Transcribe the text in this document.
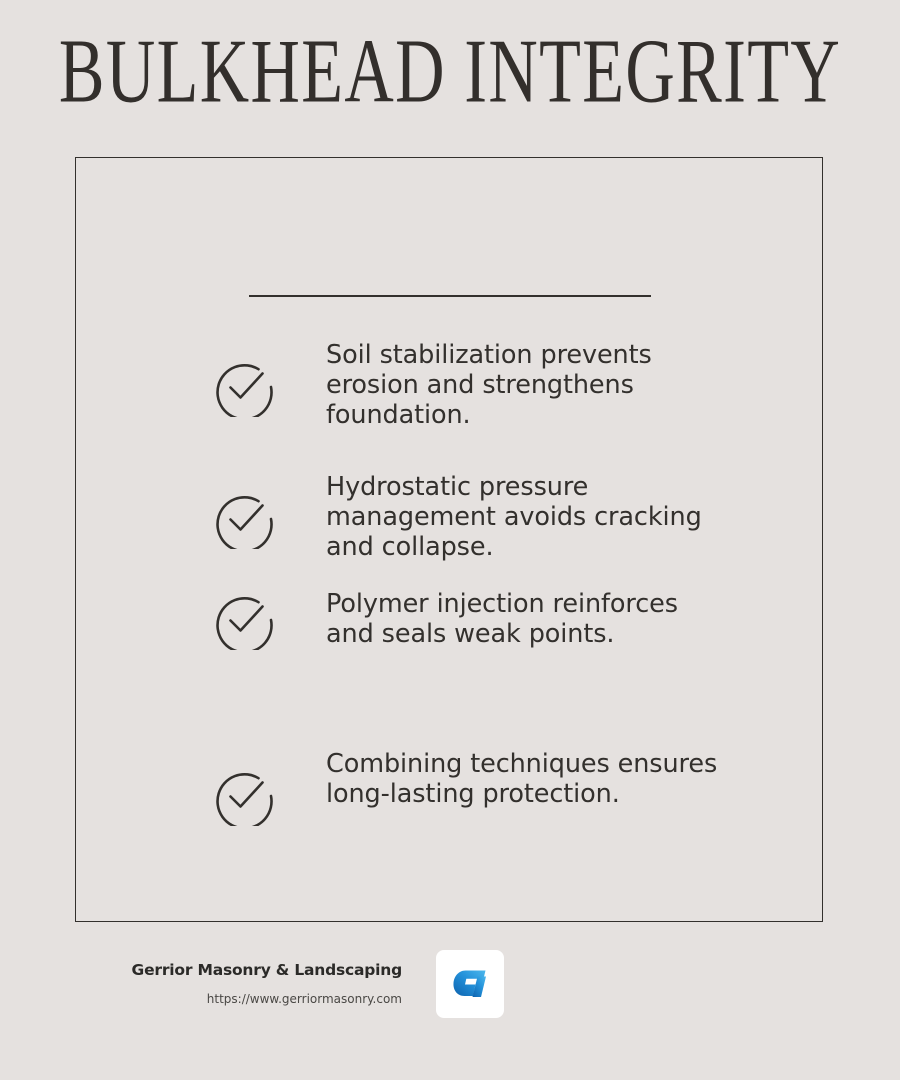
BULKHEAD INTEGRITY
Soil stabilization prevents erosion and strengthens foundation.
Hydrostatic pressure management avoids cracking and collapse.
Polymer injection reinforces and seals weak points.
Combining techniques ensures long-lasting protection.
Gerrior Masonry & Landscaping
https://www.gerriormasonry.com
